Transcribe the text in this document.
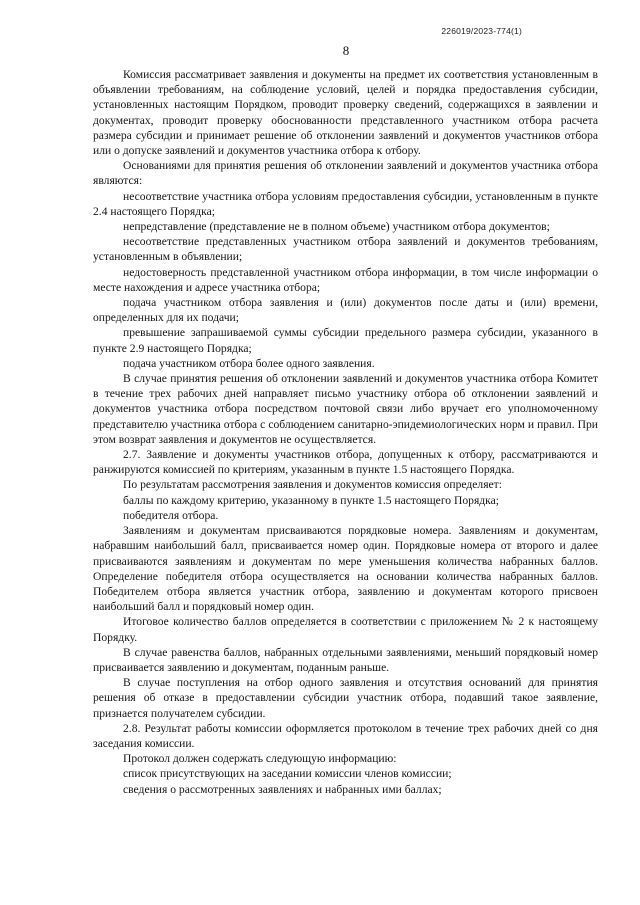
226019/2023-774(1)
8

Комиссия рассматривает заявления и документы на предмет их соответствия установленным в объявлении требованиям, на соблюдение условий, целей и порядка предоставления субсидии, установленных настоящим Порядком, проводит проверку сведений, содержащихся в заявлении и документах, проводит проверку обоснованности представленного участником отбора расчета размера субсидии и принимает решение об отклонении заявлений и документов участников отбора или о допуске заявлений и документов участника отбора к отбору.

Основаниями для принятия решения об отклонении заявлений и документов участника отбора являются:

несоответствие участника отбора условиям предоставления субсидии, установленным в пункте 2.4 настоящего Порядка;

непредставление (представление не в полном объеме) участником отбора документов;

несоответствие представленных участником отбора заявлений и документов требованиям, установленным в объявлении;

недостоверность представленной участником отбора информации, в том числе информации о месте нахождения и адресе участника отбора;

подача участником отбора заявления и (или) документов после даты и (или) времени, определенных для их подачи;

превышение запрашиваемой суммы субсидии предельного размера субсидии, указанного в пункте 2.9 настоящего Порядка;

подача участником отбора более одного заявления.

В случае принятия решения об отклонении заявлений и документов участника отбора Комитет в течение трех рабочих дней направляет письмо участнику отбора об отклонении заявлений и документов участника отбора посредством почтовой связи либо вручает его уполномоченному представителю участника отбора с соблюдением санитарно-эпидемиологических норм и правил. При этом возврат заявления и документов не осуществляется.

2.7. Заявление и документы участников отбора, допущенных к отбору, рассматриваются и ранжируются комиссией по критериям, указанным в пункте 1.5 настоящего Порядка.

По результатам рассмотрения заявления и документов комиссия определяет:

баллы по каждому критерию, указанному в пункте 1.5 настоящего Порядка;

победителя отбора.

Заявлениям и документам присваиваются порядковые номера. Заявлениям и документам, набравшим наибольший балл, присваивается номер один. Порядковые номера от второго и далее присваиваются заявлениям и документам по мере уменьшения количества набранных баллов. Определение победителя отбора осуществляется на основании количества набранных баллов. Победителем отбора является участник отбора, заявлению и документам которого присвоен наибольший балл и порядковый номер один.

Итоговое количество баллов определяется в соответствии с приложением № 2 к настоящему Порядку.

В случае равенства баллов, набранных отдельными заявлениями, меньший порядковый номер присваивается заявлению и документам, поданным раньше.

В случае поступления на отбор одного заявления и отсутствия оснований для принятия решения об отказе в предоставлении субсидии участник отбора, подавший такое заявление, признается получателем субсидии.

2.8. Результат работы комиссии оформляется протоколом в течение трех рабочих дней со дня заседания комиссии.

Протокол должен содержать следующую информацию:

список присутствующих на заседании комиссии членов комиссии;

сведения о рассмотренных заявлениях и набранных ими баллах;
